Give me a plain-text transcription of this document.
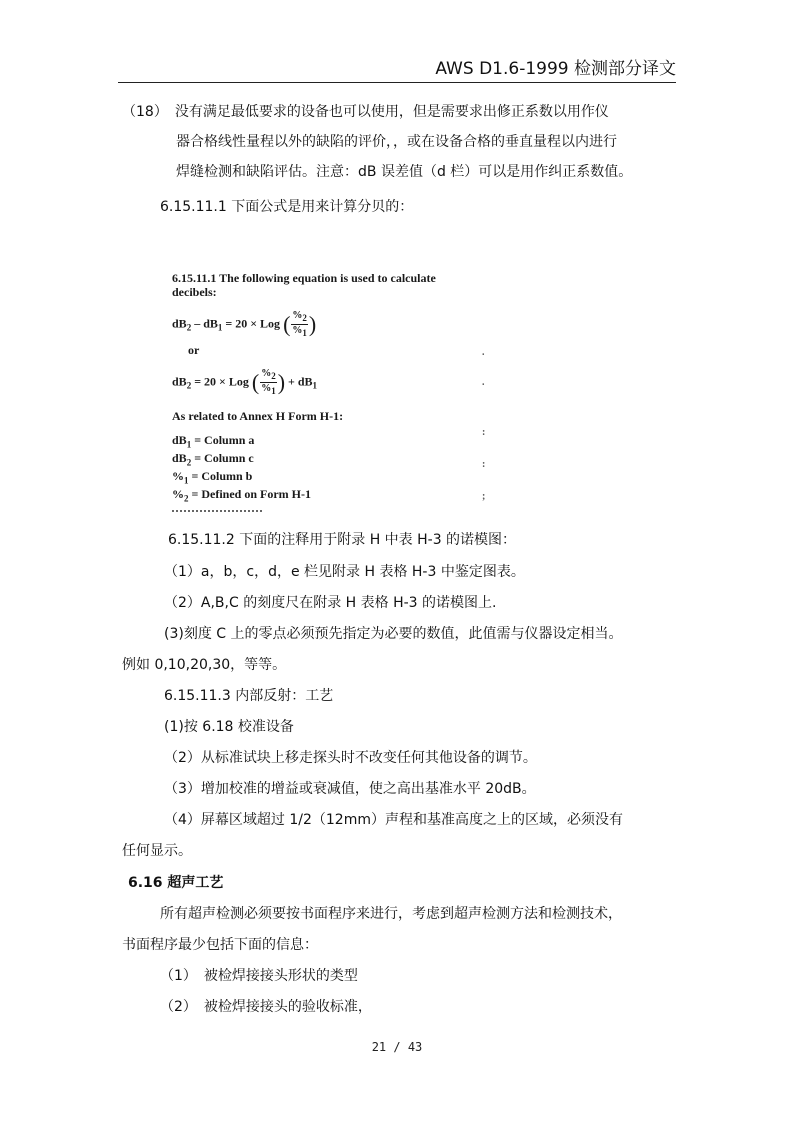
AWS D1.6-1999 检测部分译文
（18）　没有满足最低要求的设备也可以使用，但是需要求出修正系数以用作仪
器合格线性量程以外的缺陷的评价，，或在设备合格的垂直量程以内进行
焊缝检测和缺陷评估。注意：dB 误差值（d 栏）可以是用作纠正系数值。
6.15.11.1 下面公式是用来计算分贝的：
6.15.11.1 The following equation is used to calculate
decibels:
$dB_2 - dB_1 = 20$ × Log ( $\frac{\%_2}{\%_1}$ )
or
$dB_2 = 20$ × Log ( $\frac{\%_2}{\%_1}$ ) + $dB_1$
As related to Annex H Form H-1:
$dB_1$ = Column a
$dB_2$ = Column c
$\%_1$ = Column b
$\%_2$ = Defined on Form H-1
.
.
:
:
;
6.15.11.2 下面的注释用于附录 H 中表 H-3 的诺模图：
（1）a，b，c，d，e 栏见附录 H 表格 H-3 中鉴定图表。
（2）A,B,C 的刻度尺在附录 H 表格 H-3 的诺模图上.
(3)刻度 C 上的零点必须预先指定为必要的数值，此值需与仪器设定相当。
例如 0,10,20,30，等等。
6.15.11.3 内部反射：工艺
(1)按 6.18 校准设备
（2）从标准试块上移走探头时不改变任何其他设备的调节。
（3）增加校准的增益或衰减值，使之高出基准水平 20dB。
（4）屏幕区域超过 1/2（12mm）声程和基准高度之上的区域，必须没有
任何显示。
6.16 超声工艺
所有超声检测必须要按书面程序来进行，考虑到超声检测方法和检测技术，
书面程序最少包括下面的信息：
（1）　被检焊接接头形状的类型
（2）　被检焊接接头的验收标准，
21 / 43
